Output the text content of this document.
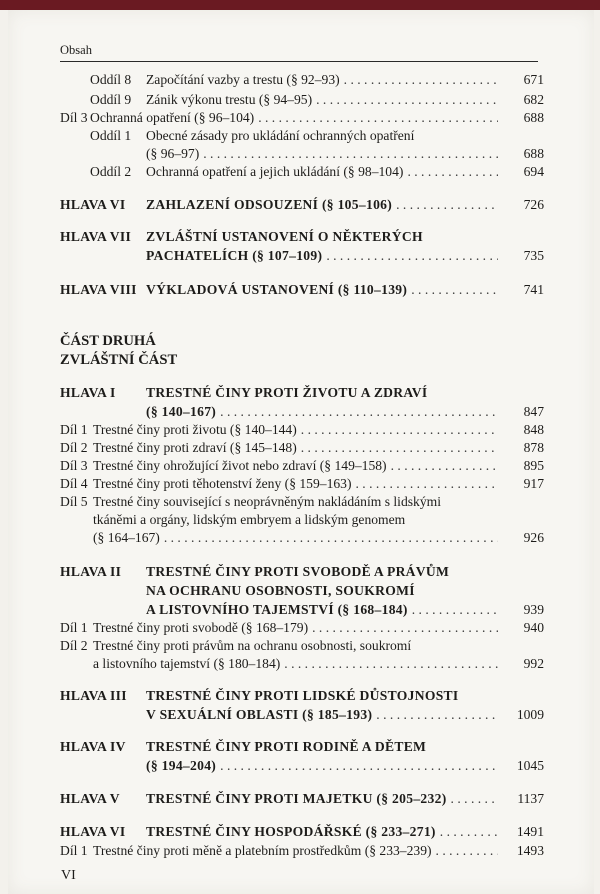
Obsah
Oddíl 8 Započítání vazby a trestu (§ 92–93) . . .	671
Oddíl 9 Zánik výkonu trestu (§ 94–95) . . .	682
Díl 3 Ochranná opatření (§ 96–104) . . .	688
Oddíl 1 Obecné zásady pro ukládání ochranných opatření
(§ 96–97) . . .	688
Oddíl 2 Ochranná opatření a jejich ukládání (§ 98–104) . . .	694
HLAVA VI ZAHLAZENÍ ODSOUZENÍ (§ 105–106) . . .	726
HLAVA VII ZVLÁŠTNÍ USTANOVENÍ O NĚKTERÝCH
PACHATELÍCH (§ 107–109) . . .	735
HLAVA VIII VÝKLADOVÁ USTANOVENÍ (§ 110–139) . . .	741
ČÁST DRUHÁ
ZVLÁŠTNÍ ČÁST
HLAVA I TRESTNÉ ČINY PROTI ŽIVOTU A ZDRAVÍ
(§ 140–167) . . .	847
Díl 1 Trestné činy proti životu (§ 140–144) . . .	848
Díl 2 Trestné činy proti zdraví (§ 145–148) . . .	878
Díl 3 Trestné činy ohrožující život nebo zdraví (§ 149–158) . . .	895
Díl 4 Trestné činy proti těhotenství ženy (§ 159–163) . . .	917
Díl 5 Trestné činy související s neoprávněným nakládáním s lidskými
tkáněmi a orgány, lidským embryem a lidským genomem
(§ 164–167) . . .	926
HLAVA II TRESTNÉ ČINY PROTI SVOBODĚ A PRÁVŮM
NA OCHRANU OSOBNOSTI, SOUKROMÍ
A LISTOVNÍHO TAJEMSTVÍ (§ 168–184) . . .	939
Díl 1 Trestné činy proti svobodě (§ 168–179) . . .	940
Díl 2 Trestné činy proti právům na ochranu osobnosti, soukromí
a listovního tajemství (§ 180–184) . . .	992
HLAVA III TRESTNÉ ČINY PROTI LIDSKÉ DŮSTOJNOSTI
V SEXUÁLNÍ OBLASTI (§ 185–193) . . .	1009
HLAVA IV TRESTNÉ ČINY PROTI RODINĚ A DĚTEM
(§ 194–204) . . .	1045
HLAVA V TRESTNÉ ČINY PROTI MAJETKU (§ 205–232) . . .	1137
HLAVA VI TRESTNÉ ČINY HOSPODÁŘSKÉ (§ 233–271) . . .	1491
Díl 1 Trestné činy proti měně a platebním prostředkům (§ 233–239) . . .	1493
VI
